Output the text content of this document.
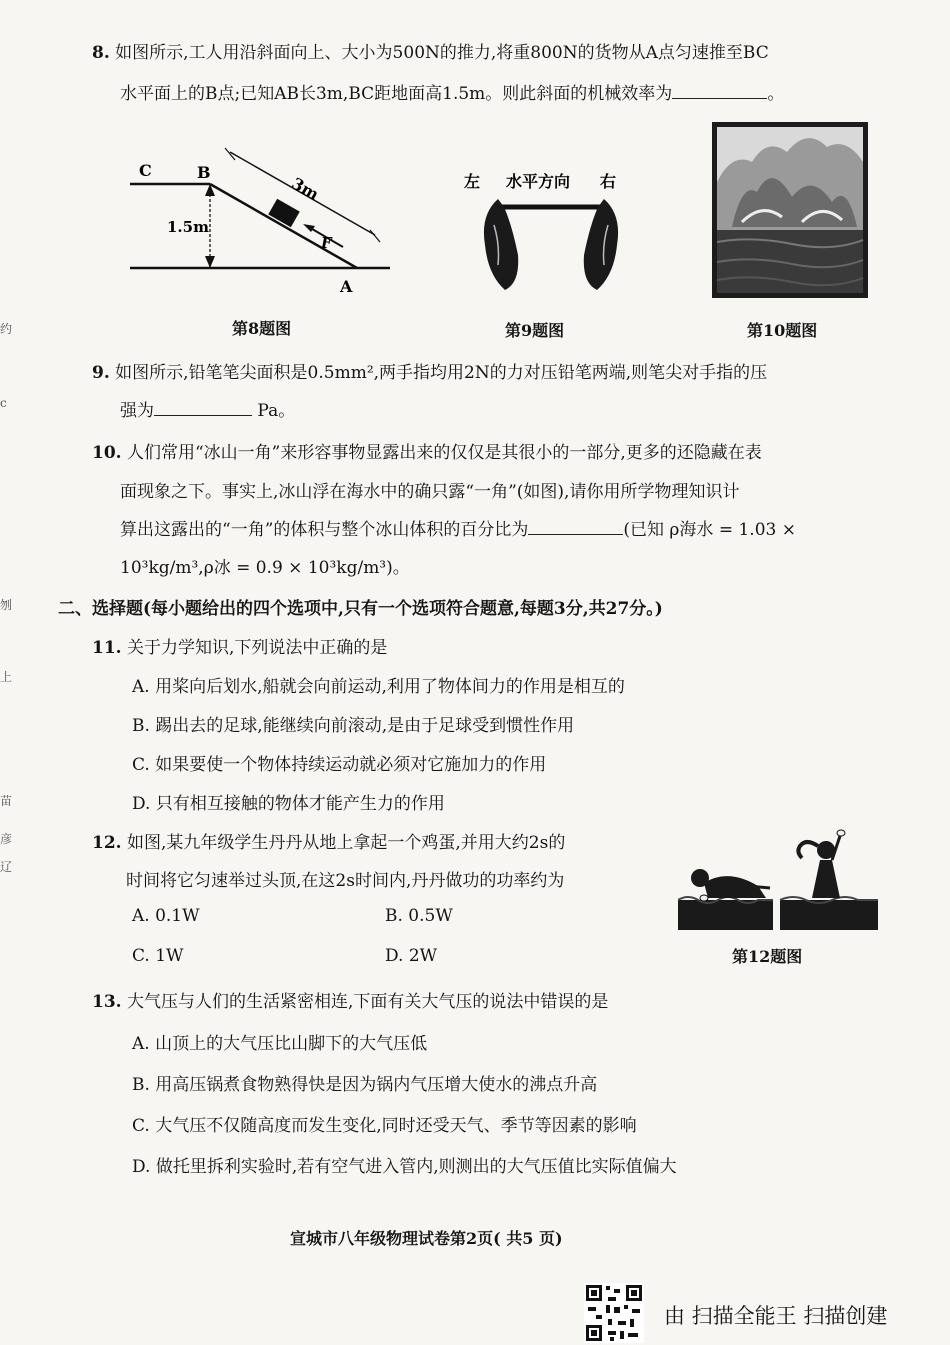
8. 如图所示,工人用沿斜面向上、大小为500N的推力,将重800N的货物从A点匀速推至BC
水平面上的B点;已知AB长3m,BC距地面高1.5m。则此斜面的机械效率为	。
C	B
A
3m
1.5m
F
第8题图
左 水平方向 右
第9题图	第10题图
9. 如图所示,铅笔笔尖面积是0.5mm²,两手指均用2N的力对压铅笔两端,则笔尖对手指的压
强为	Pa。
10. 人们常用“冰山一角”来形容事物显露出来的仅仅是其很小的一部分,更多的还隐藏在表
面现象之下。事实上,冰山浮在海水中的确只露“一角”(如图),请你用所学物理知识计
算出这露出的“一角”的体积与整个冰山体积的百分比为	(已知 ρ海水 = 1.03 ×
10³kg/m³,ρ冰 = 0.9 × 10³kg/m³)。
二、选择题(每小题给出的四个选项中,只有一个选项符合题意,每题3分,共27分。)
11. 关于力学知识,下列说法中正确的是
A. 用桨向后划水,船就会向前运动,利用了物体间力的作用是相互的
B. 踢出去的足球,能继续向前滚动,是由于足球受到惯性作用
C. 如果要使一个物体持续运动就必须对它施加力的作用
D. 只有相互接触的物体才能产生力的作用
12. 如图,某九年级学生丹丹从地上拿起一个鸡蛋,并用大约2s的
时间将它匀速举过头顶,在这2s时间内,丹丹做功的功率约为
A. 0.1W	B. 0.5W
C. 1W	D. 2W	第12题图
13. 大气压与人们的生活紧密相连,下面有关大气压的说法中错误的是
A. 山顶上的大气压比山脚下的大气压低
B. 用高压锅煮食物熟得快是因为锅内气压增大使水的沸点升高
C. 大气压不仅随高度而发生变化,同时还受天气、季节等因素的影响
D. 做托里拆利实验时,若有空气进入管内,则测出的大气压值比实际值偏大
宣城市八年级物理试卷第2页( 共5 页)
由 扫描全能王 扫描创建
约
c
刎
上
苗
彦
辽
